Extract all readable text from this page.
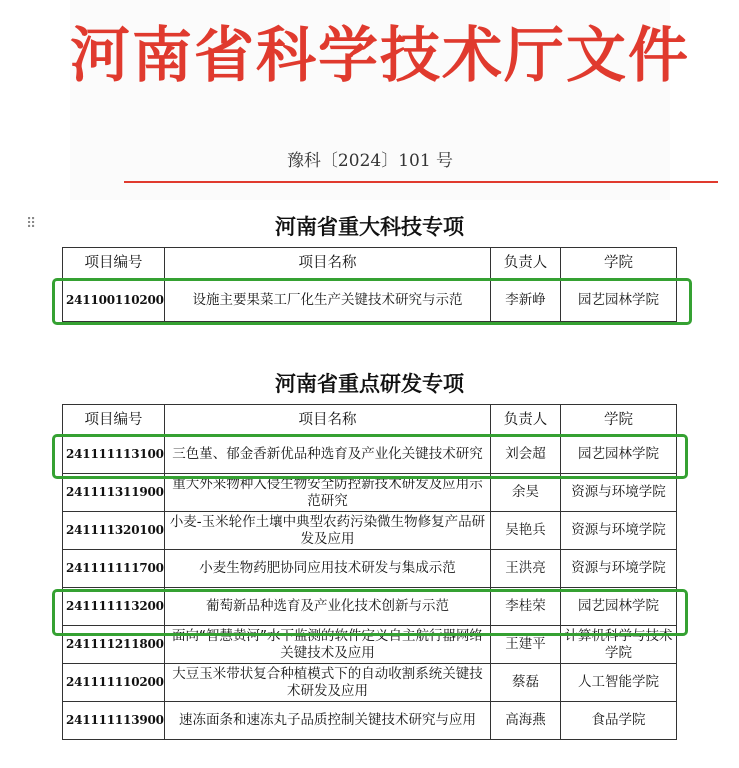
河南省科学技术厅文件
豫科〔2024〕101 号
⠿	河南省重大科技专项
项目编号	项目名称	负责人	学院
241100110200	设施主要果菜工厂化生产关键技术研究与示范	李新峥	园艺园林学院
河南省重点研发专项
项目编号	项目名称	负责人	学院
241111113100	三色堇、郁金香新优品种选育及产业化关键技术研究	刘会超	园艺园林学院
241111311900	重大外来物种入侵生物安全防控新技术研发及应用示范研究	余昊	资源与环境学院
241111320100	小麦-玉米轮作土壤中典型农药污染微生物修复产品研发及应用	吴艳兵	资源与环境学院
241111111700	小麦生物药肥协同应用技术研发与集成示范	王洪亮	资源与环境学院
241111113200	葡萄新品种选育及产业化技术创新与示范	李桂荣	园艺园林学院
241111211800	面向“智慧黄河”水下监测的软件定义自主航行器网络关键技术及应用	王建平	计算机科学与技术学院
241111110200	大豆玉米带状复合种植模式下的自动收割系统关键技术研发及应用	蔡磊	人工智能学院
241111113900	速冻面条和速冻丸子品质控制关键技术研究与应用	高海燕	食品学院
